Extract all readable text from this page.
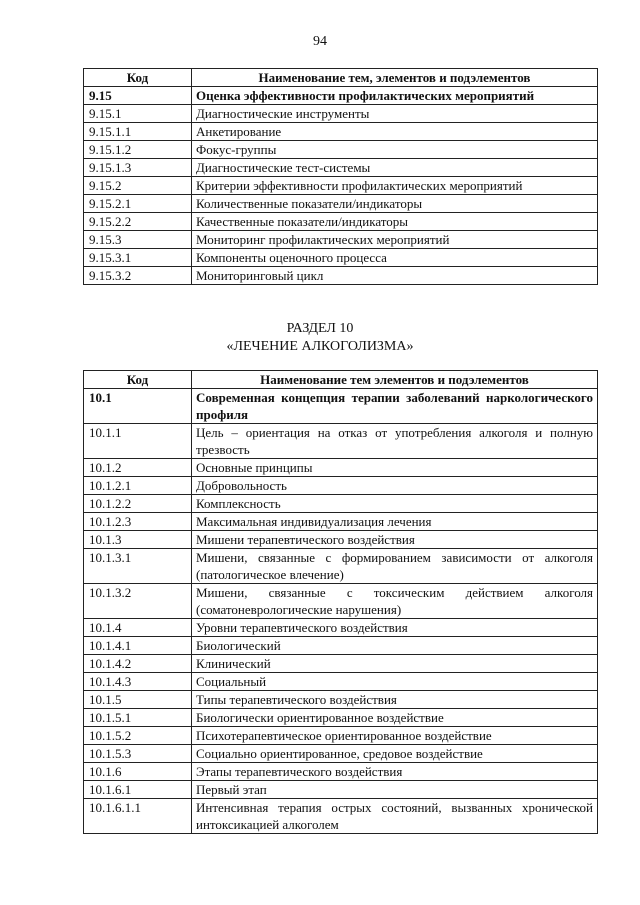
94
Код	Наименование тем, элементов и подэлементов
9.15	Оценка эффективности профилактических мероприятий
9.15.1	Диагностические инструменты
9.15.1.1	Анкетирование
9.15.1.2	Фокус-группы
9.15.1.3	Диагностические тест-системы
9.15.2	Критерии эффективности профилактических мероприятий
9.15.2.1	Количественные показатели/индикаторы
9.15.2.2	Качественные показатели/индикаторы
9.15.3	Мониторинг профилактических мероприятий
9.15.3.1	Компоненты оценочного процесса
9.15.3.2	Мониторинговый цикл
РАЗДЕЛ 10
«ЛЕЧЕНИЕ АЛКОГОЛИЗМА»
Код	Наименование тем элементов и подэлементов
10.1	Современная концепция терапии заболеваний наркологического профиля
10.1.1	Цель – ориентация на отказ от употребления алкоголя и полную трезвость
10.1.2	Основные принципы
10.1.2.1	Добровольность
10.1.2.2	Комплексность
10.1.2.3	Максимальная индивидуализация лечения
10.1.3	Мишени терапевтического воздействия
10.1.3.1	Мишени, связанные с формированием зависимости от алкоголя (патологическое влечение)
10.1.3.2	Мишени, связанные с токсическим действием алкоголя (соматоневрологические нарушения)
10.1.4	Уровни терапевтического воздействия
10.1.4.1	Биологический
10.1.4.2	Клинический
10.1.4.3	Социальный
10.1.5	Типы терапевтического воздействия
10.1.5.1	Биологически ориентированное воздействие
10.1.5.2	Психотерапевтическое ориентированное воздействие
10.1.5.3	Социально ориентированное, средовое воздействие
10.1.6	Этапы терапевтического воздействия
10.1.6.1	Первый этап
10.1.6.1.1	Интенсивная терапия острых состояний, вызванных хронической интоксикацией алкоголем
